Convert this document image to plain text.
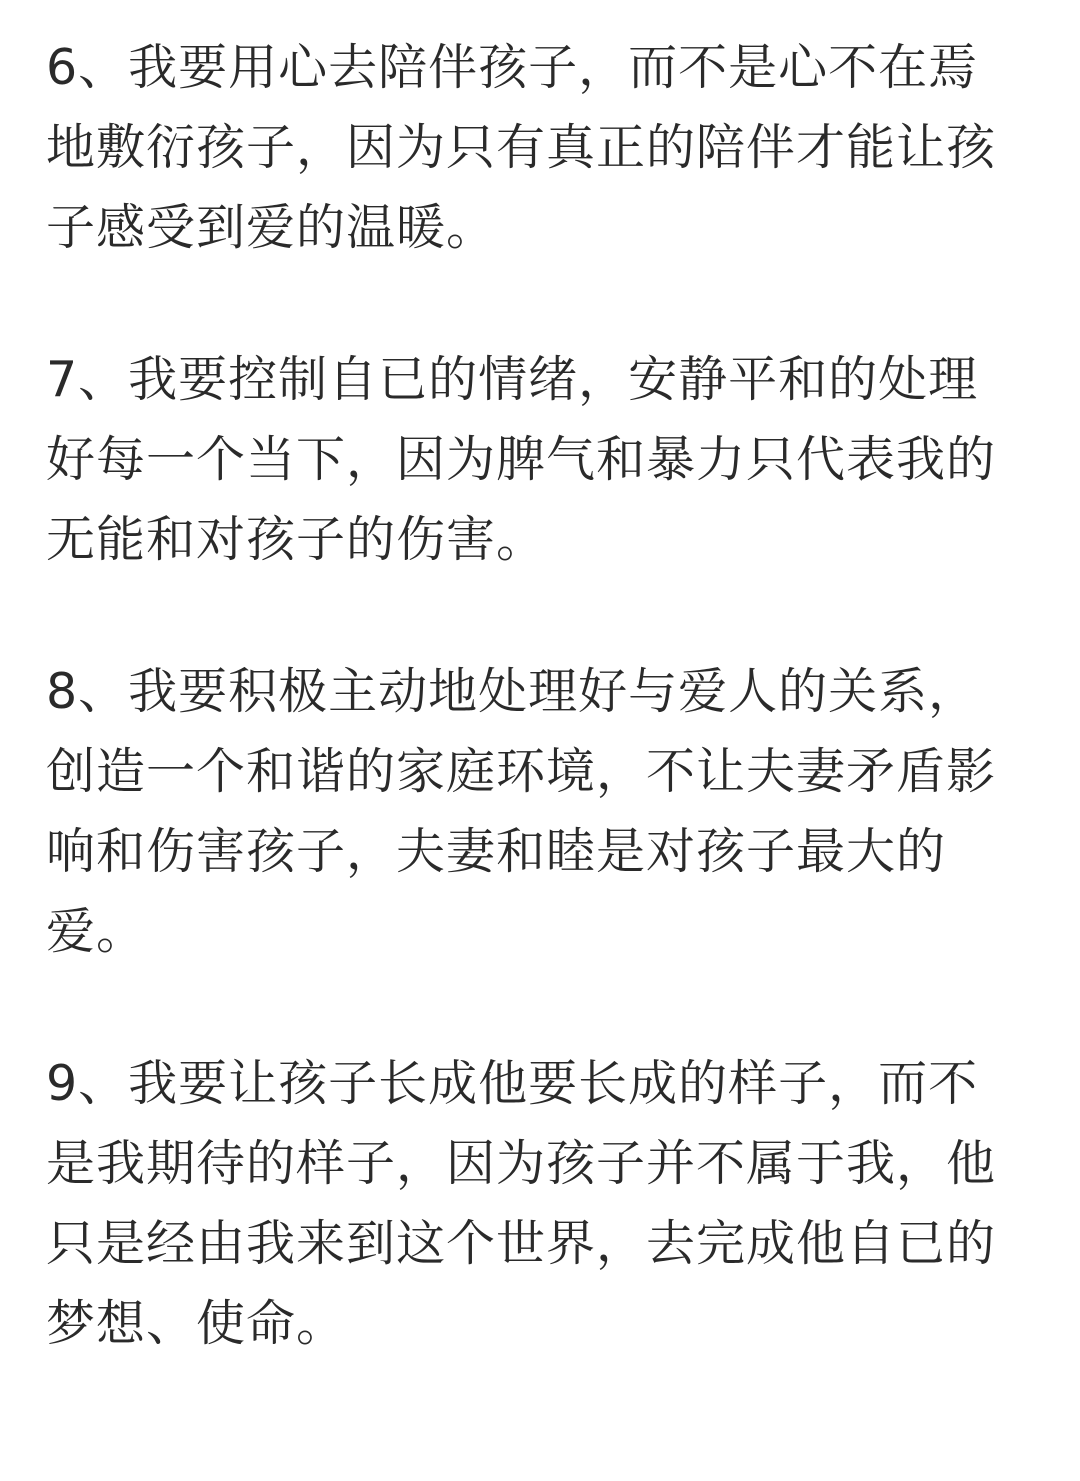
6、我要用心去陪伴孩子，而不是心不在焉
地敷衍孩子，因为只有真正的陪伴才能让孩
子感受到爱的温暖。

7、我要控制自已的情绪，安静平和的处理
好每一个当下，因为脾气和暴力只代表我的
无能和对孩子的伤害。

8、我要积极主动地处理好与爱人的关系，
创造一个和谐的家庭环境，不让夫妻矛盾影
响和伤害孩子，夫妻和睦是对孩子最大的
爱。

9、我要让孩子长成他要长成的样子，而不
是我期待的样子，因为孩子并不属于我，他
只是经由我来到这个世界，去完成他自已的
梦想、使命。
